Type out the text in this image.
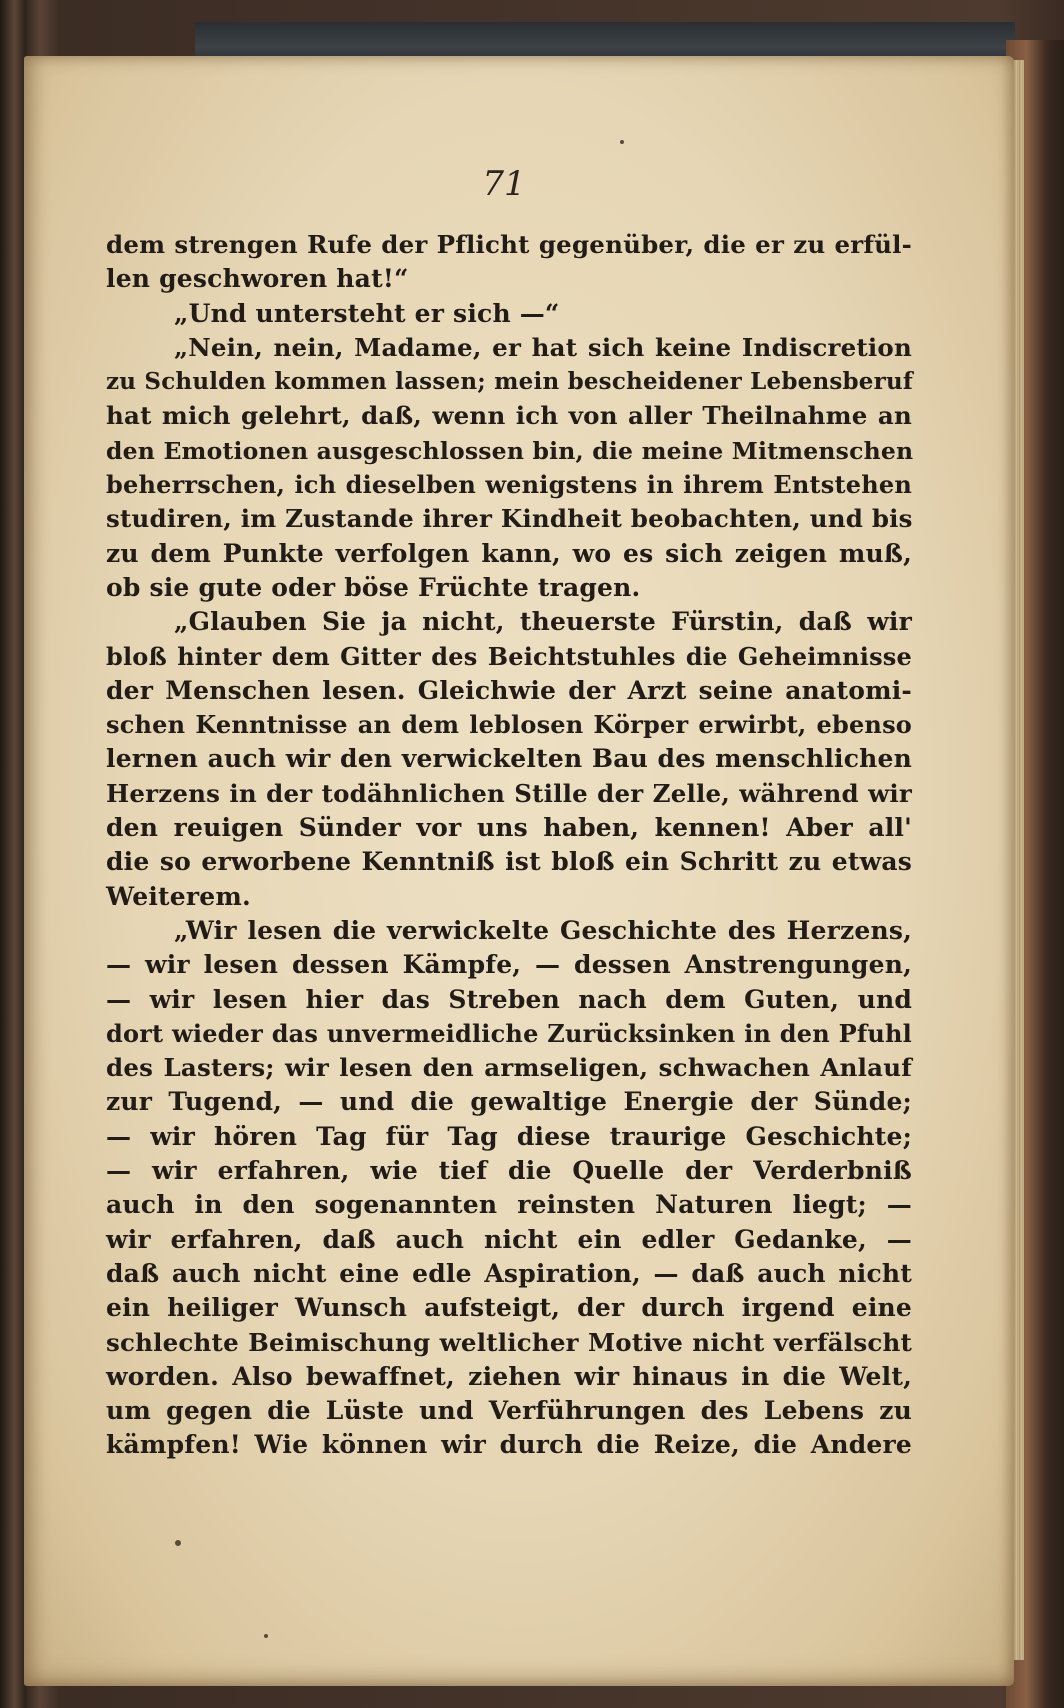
71
dem strengen Rufe der Pflicht gegenüber, die er zu erfül-
len geschworen hat!“
„Und untersteht er sich —“
„Nein, nein, Madame, er hat sich keine Indiscretion
zu Schulden kommen lassen; mein bescheidener Lebensberuf
hat mich gelehrt, daß, wenn ich von aller Theilnahme an
den Emotionen ausgeschlossen bin, die meine Mitmenschen
beherrschen, ich dieselben wenigstens in ihrem Entstehen
studiren, im Zustande ihrer Kindheit beobachten, und bis
zu dem Punkte verfolgen kann, wo es sich zeigen muß,
ob sie gute oder böse Früchte tragen.
„Glauben Sie ja nicht, theuerste Fürstin, daß wir
bloß hinter dem Gitter des Beichtstuhles die Geheimnisse
der Menschen lesen. Gleichwie der Arzt seine anatomi-
schen Kenntnisse an dem leblosen Körper erwirbt, ebenso
lernen auch wir den verwickelten Bau des menschlichen
Herzens in der todähnlichen Stille der Zelle, während wir
den reuigen Sünder vor uns haben, kennen! Aber all'
die so erworbene Kenntniß ist bloß ein Schritt zu etwas
Weiterem.
„Wir lesen die verwickelte Geschichte des Herzens,
— wir lesen dessen Kämpfe, — dessen Anstrengungen,
— wir lesen hier das Streben nach dem Guten, und
dort wieder das unvermeidliche Zurücksinken in den Pfuhl
des Lasters; wir lesen den armseligen, schwachen Anlauf
zur Tugend, — und die gewaltige Energie der Sünde;
— wir hören Tag für Tag diese traurige Geschichte;
— wir erfahren, wie tief die Quelle der Verderbniß
auch in den sogenannten reinsten Naturen liegt; —
wir erfahren, daß auch nicht ein edler Gedanke, —
daß auch nicht eine edle Aspiration, — daß auch nicht
ein heiliger Wunsch aufsteigt, der durch irgend eine
schlechte Beimischung weltlicher Motive nicht verfälscht
worden. Also bewaffnet, ziehen wir hinaus in die Welt,
um gegen die Lüste und Verführungen des Lebens zu
kämpfen! Wie können wir durch die Reize, die Andere
